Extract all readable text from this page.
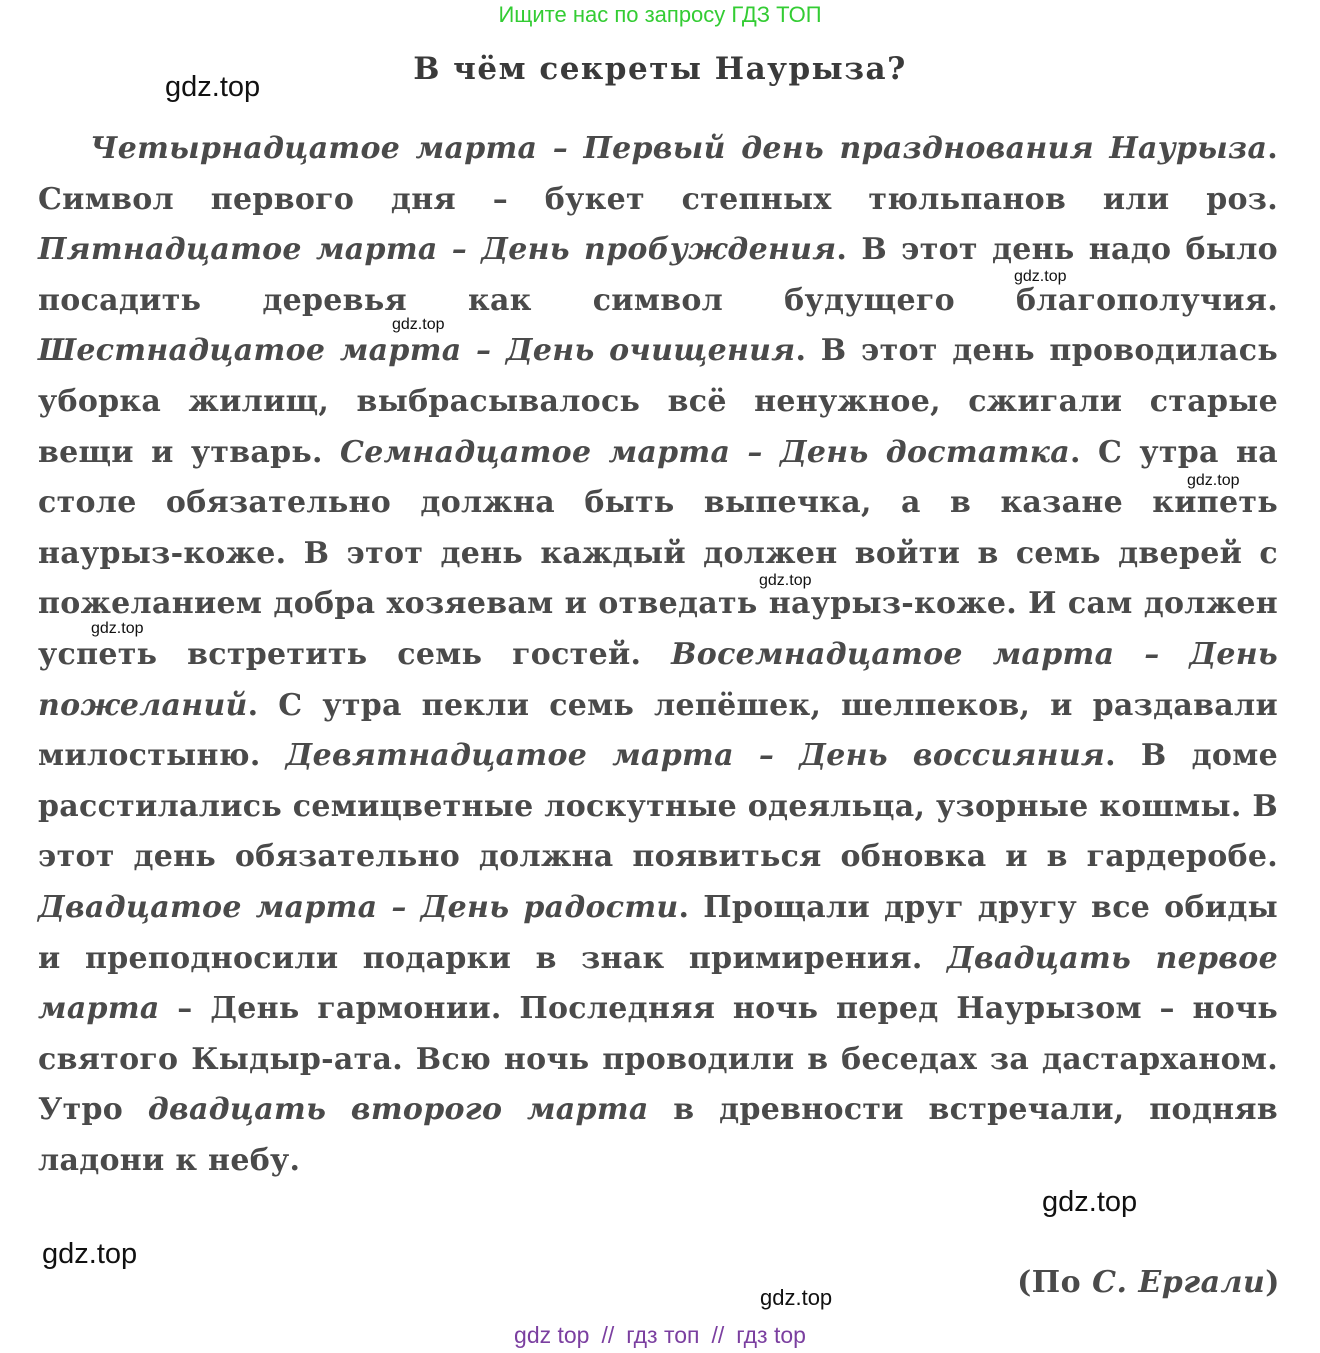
Ищите нас по запросу ГДЗ ТОП
В чём секреты Наурыза?

Четырнадцатое марта – Первый день празднования Наурыза. Символ первого дня – букет степных тюльпанов или роз. Пятнадцатое марта – День пробуждения. В этот день надо было посадить деревья как символ будущего благополучия. Шестнадцатое марта – День очищения. В этот день проводилась уборка жилищ, выбрасывалось всё ненужное, сжигали старые вещи и утварь. Семнадцатое марта – День достатка. С утра на столе обязательно должна быть выпечка, а в казане кипеть наурыз-коже. В этот день каждый должен войти в семь дверей с пожеланием добра хозяевам и отведать наурыз-коже. И сам должен успеть встретить семь гостей. Восемнадцатое марта – День пожеланий. С утра пекли семь лепёшек, шелпеков, и раздавали милостыню. Девятнадцатое марта – День воссияния. В доме расстилались семицветные лоскутные одеяльца, узорные кошмы. В этот день обязательно должна появиться обновка и в гардеробе. Двадцатое марта – День радости. Прощали друг другу все обиды и преподносили подарки в знак примирения. Двадцать первое марта – День гармонии. Последняя ночь перед Наурызом – ночь святого Кыдыр-ата. Всю ночь проводили в беседах за дастарханом. Утро двадцать второго марта в древности встречали, подняв ладони к небу.

(По С. Ергали)
gdz.top
gdz.top
gdz.top
gdz.top
gdz.top
gdz.top
gdz.top
gdz.top
gdz.top
gdz top // гдз топ // гдз top
